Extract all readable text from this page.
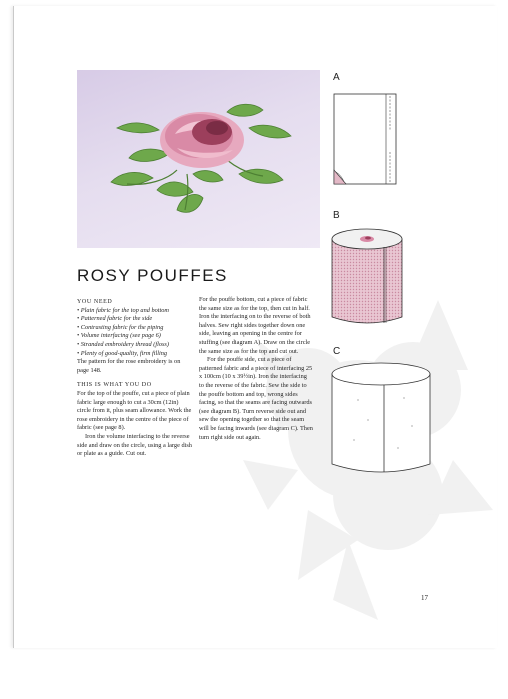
A
B
C
ROSY POUFFES

YOU NEED

• Plain fabric for the top and bottom
• Patterned fabric for the side
• Contrasting fabric for the piping
• Volume interfacing (see page 6)
• Stranded embroidery thread (floss)
• Plenty of good-quality, firm filling

The pattern for the rose embroidery is on page 148.

THIS IS WHAT YOU DO

For the top of the pouffe, cut a piece of plain fabric large enough to cut a 30cm (12in) circle from it, plus seam allowance. Work the rose embroidery in the centre of the piece of fabric (see page 8).

Iron the volume interfacing to the reverse side and draw on the circle, using a large dish or plate as a guide. Cut out.

For the pouffe bottom, cut a piece of fabric the same size as for the top, then cut in half. Iron the interfacing on to the reverse of both halves. Sew right sides together down one side, leaving an opening in the centre for stuffing (see diagram A). Draw on the circle the same size as for the top and cut out.

For the pouffe side, cut a piece of patterned fabric and a piece of interfacing 25 x 100cm (10 x 39½in). Iron the interfacing to the reverse of the fabric. Sew the side to the pouffe bottom and top, wrong sides facing, so that the seams are facing outwards (see diagram B). Turn reverse side out and sew the opening together so that the seam will be facing inwards (see diagram C). Then turn right side out again.

17
